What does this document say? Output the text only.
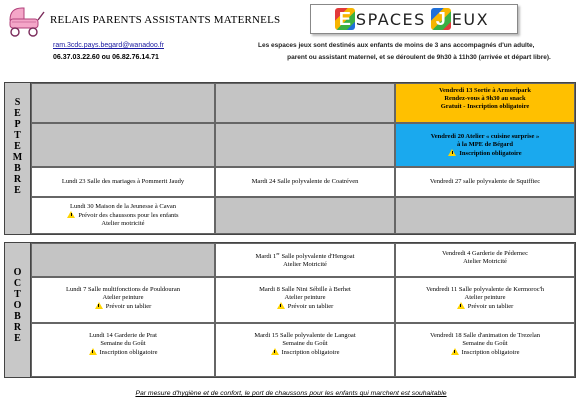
RELAIS PARENTS ASSISTANTS MATERNELS
ram.3cdc.pays.begard@wanadoo.fr
06.37.03.22.60 ou 06.82.76.14.71
E SPACES J EUX
Les espaces jeux sont destinés aux enfants de moins de 3 ans accompagnés d'un adulte,
parent ou assistant maternel, et se déroulent de 9h30 à 11h30 (arrivée et départ libre).
S
E
P
T
E
M
B
R
E
Vendredi 13 Sortie à Armoripark
Rendez-vous à 9h30 au snack
Gratuit - Inscription obligatoire
Vendredi 20 Atelier « cuisine surprise »
à la MPE de Bégard
Inscription obligatoire
Lundi 23 Salle des mariages à Pommerit Jaudy	Mardi 24 Salle polyvalente de Coatréven	Vendredi 27 salle polyvalente de Squiffiec
Lundi 30 Maison de la Jeunesse à Cavan
Prévoir des chaussons pour les enfants
Atelier motricité
O
C
T
O
B
R
E
Mardi 1er Salle polyvalente d'Hengoat
Atelier Motricité
Vendredi 4 Garderie de Pédernec
Atelier Motricité
Lundi 7 Salle multifonctions de Pouldouran
Atelier peinture
Prévoir un tablier
Mardi 8 Salle Nini Sébille à Berhet
Atelier peinture
Prévoir un tablier
Vendredi 11 Salle polyvalente de Kermoroc'h
Atelier peinture
Prévoir un tablier
Lundi 14 Garderie de Prat
Semaine du Goût
Inscription obligatoire
Mardi 15 Salle polyvalente de Langoat
Semaine du Goût
Inscription obligatoire
Vendredi 18 Salle d'animation de Trezelan
Semaine du Goût
Inscription obligatoire
Par mesure d'hygiène et de confort, le port de chaussons pour les enfants qui marchent est souhaitable
